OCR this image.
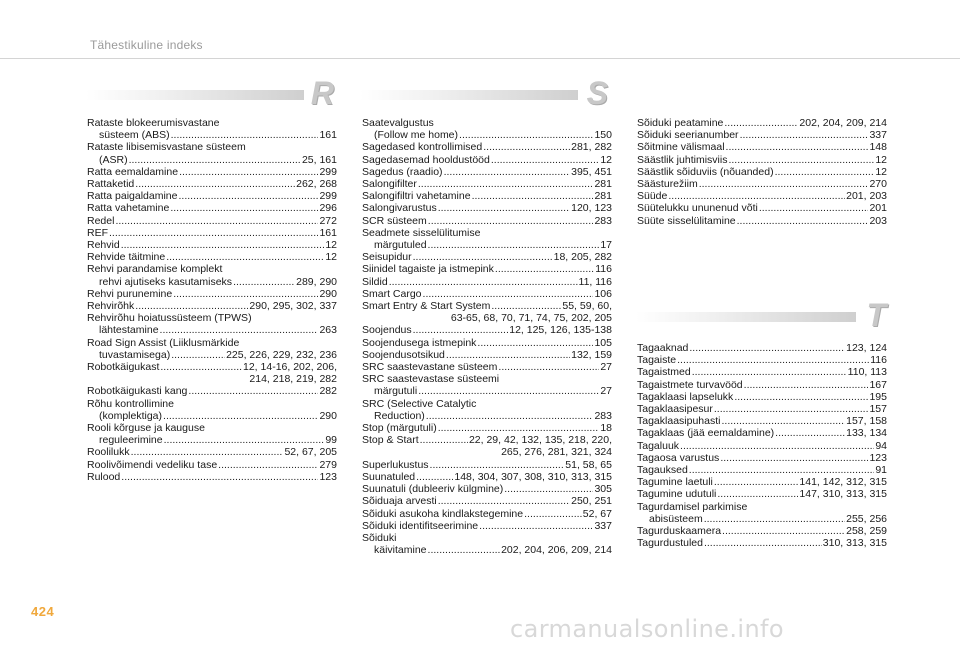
Tähestikuline indeks
R	S
T
Rataste blokeerumisvastane
süsteem (ABS) .....	161
Rataste libisemisvastane süsteem
(ASR) .....	25, 161
Ratta eemaldamine .....	299
Rattaketid .....	262, 268
Ratta paigaldamine .....	299
Ratta vahetamine .....	296
Redel .....	272
REF .....	161
Rehvid .....	12
Rehvide täitmine .....	12
Rehvi parandamise komplekt
rehvi ajutiseks kasutamiseks .....	289, 290
Rehvi purunemine .....	290
Rehvirõhk .....	290, 295, 302, 337
Rehvirõhu hoiatussüsteem (TPWS)
lähtestamine .....	263
Road Sign Assist (Liiklusmärkide
tuvastamisega) .....	225, 226, 229, 232, 236
Robotkäigukast .....	12, 14-16, 202, 206,
214, 218, 219, 282
Robotkäigukasti kang .....	282
Rõhu kontrollimine
(komplektiga) .....	290
Rooli kõrguse ja kauguse
reguleerimine .....	99
Roolilukk .....	52, 67, 205
Roolivõimendi vedeliku tase .....	279
Rulood .....	123
Saatevalgustus
(Follow me home) .....	150
Sagedased kontrollimised .....	281, 282
Sagedasemad hooldustööd .....	12
Sagedus (raadio) .....	395, 451
Salongifilter .....	281
Salongifiltri vahetamine .....	281
Salongivarustus .....	120, 123
SCR süsteem .....	283
Seadmete sisselülitumise
märgutuled .....	17
Seisupidur .....	18, 205, 282
Siinidel tagaiste ja istmepink .....	116
Sildid .....	11, 116
Smart Cargo .....	106
Smart Entry & Start System .....	55, 59, 60,
63-65, 68, 70, 71, 74, 75, 202, 205
Soojendus .....	12, 125, 126, 135-138
Soojendusega istmepink .....	105
Soojendusotsikud .....	132, 159
SRC saastevastane süsteem .....	27
SRC saastevastase süsteemi
märgutuli .....	27
SRC (Selective Catalytic
Reduction) .....	283
Stop (märgutuli) .....	18
Stop & Start .....	22, 29, 42, 132, 135, 218, 220,
265, 276, 281, 321, 324
Superlukustus .....	51, 58, 65
Suunatuled .....	148, 304, 307, 308, 310, 313, 315
Suunatuli (dubleeriv külgmine) .....	305
Sõiduaja arvesti .....	250, 251
Sõiduki asukoha kindlakstegemine .....	52, 67
Sõiduki identifitseerimine .....	337
Sõiduki
käivitamine .....	202, 204, 206, 209, 214
Sõiduki peatamine .....	202, 204, 209, 214
Sõiduki seerianumber .....	337
Sõitmine välismaal .....	148
Säästlik juhtimisviis .....	12
Säästlik sõiduviis (nõuanded) .....	12
Säästurežiim .....	270
Süüde .....	201, 203
Süütelukku ununenud võti .....	201
Süüte sisselülitamine .....	203
Tagaaknad .....	123, 124
Tagaiste .....	116
Tagaistmed .....	110, 113
Tagaistmete turvavööd .....	167
Tagaklaasi lapselukk .....	195
Tagaklaasipesur .....	157
Tagaklaasipuhasti .....	157, 158
Tagaklaas (jää eemaldamine) .....	133, 134
Tagaluuk .....	94
Tagaosa varustus .....	123
Tagauksed .....	91
Tagumine laetuli .....	141, 142, 312, 315
Tagumine udutuli .....	147, 310, 313, 315
Tagurdamisel parkimise
abisüsteem .....	255, 256
Tagurduskaamera .....	258, 259
Tagurdustuled .....	310, 313, 315
424
carmanualsonline.info
